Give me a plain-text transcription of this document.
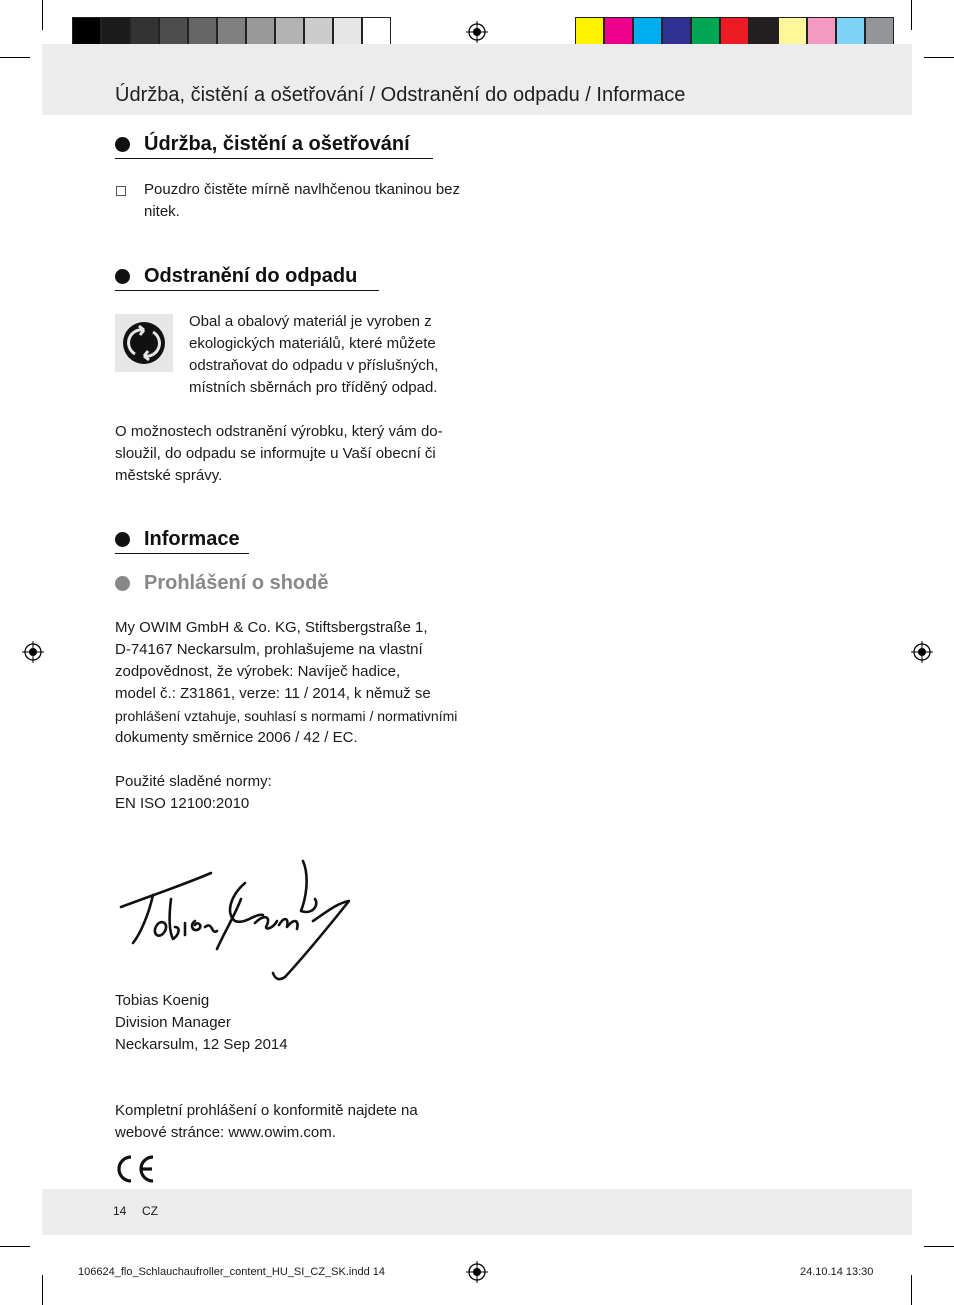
Údržba, čistění a ošetřování / Odstranění do odpadu / Informace
Údržba, čistění a ošetřování
Pouzdro čistěte mírně navlhčenou tkaninou bez
nitek.
Odstranění do odpadu
Obal a obalový materiál je vyroben z
ekologických materiálů, které můžete
odstraňovat do odpadu v příslušných,
místních sběrnách pro tříděný odpad.
O možnostech odstranění výrobku, který vám do-
sloužil, do odpadu se informujte u Vaší obecní či
městské správy.
Informace
Prohlášení o shodě
My OWIM GmbH & Co. KG, Stiftsbergstraße 1,
D-74167 Neckarsulm, prohlašujeme na vlastní
zodpovědnost, že výrobek: Navíječ hadice,
model č.: Z31861, verze: 11 / 2014, k němuž se
prohlášení vztahuje, souhlasí s normami / normativními
dokumenty směrnice 2006 / 42 / EC.
Použité sladěné normy:
EN ISO 12100:2010
Tobias Koenig
Division Manager
Neckarsulm, 12 Sep 2014
Kompletní prohlášení o konformitě najdete na
webové stránce: www.owim.com.
14 CZ
106624_flo_Schlauchaufroller_content_HU_SI_CZ_SK.indd 14	24.10.14 13:30
